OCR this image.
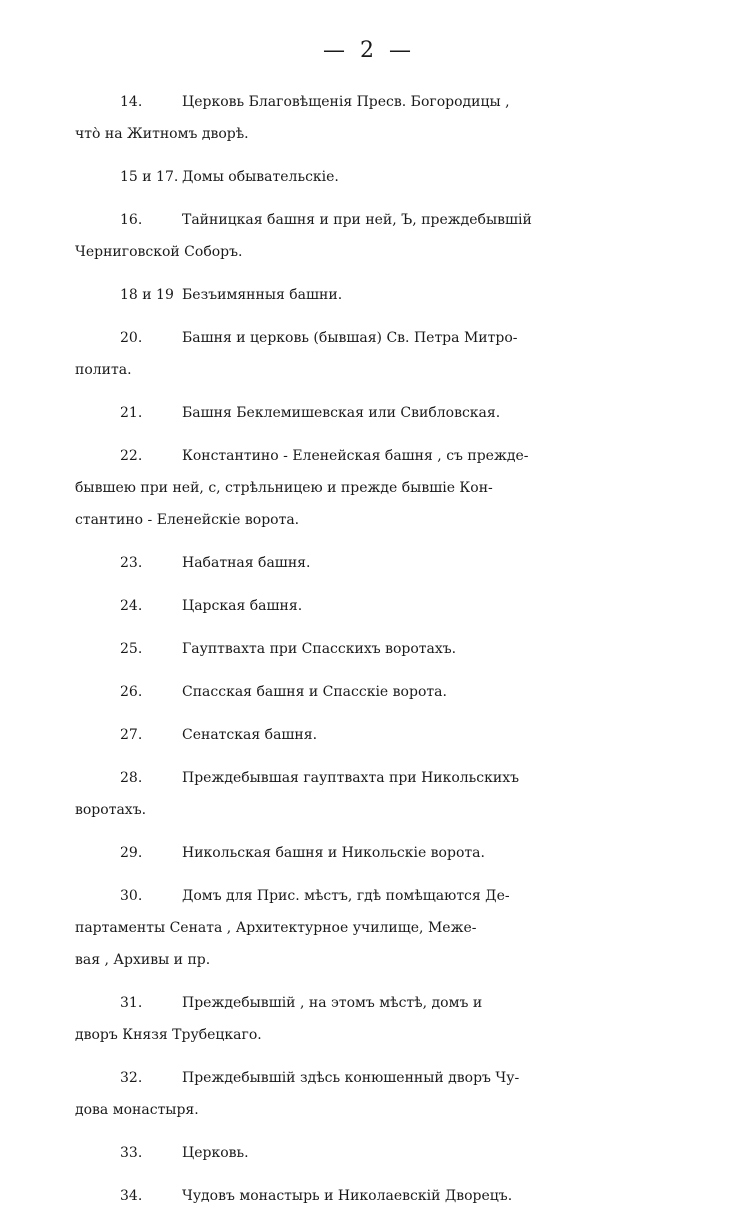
— 2 —
14.	Церковь Благовѣщенія Пресв. Богородицы ,
что̀ на Житномъ дворѣ.
15 и 17. Домы обывательскіе.
16.	Тайницкая башня и при ней, Ъ, преждебывшій
Черниговской Соборъ.
18 и 19 Безъимянныя башни.
20.	Башня и церковь (бывшая) Св. Петра Митро-
полита.
21.	Башня Беклемишевская или Свибловская.
22.	Константино - Еленейская башня , съ прежде-
бывшею при ней, с, стрѣльницею и прежде бывшіе Кон-
стантино - Еленейскіе ворота.
23.	Набатная башня.
24.	Царская башня.
25.	Гауптвахта при Спасскихъ воротахъ.
26.	Спасская башня и Спасскіе ворота.
27.	Сенатская башня.
28.	Преждебывшая гауптвахта при Никольскихъ
воротахъ.
29.	Никольская башня и Никольскіе ворота.
30.	Домъ для Прис. мѣстъ, гдѣ помѣщаются Де-
партаменты Сената , Архитектурное училище, Меже-
вая , Архивы и пр.
31.	Преждебывшій , на этомъ мѣстѣ, домъ и
дворъ Князя Трубецкаго.
32.	Преждебывшій здѣсь конюшенный дворъ Чу-
дова монастыря.
33.	Церковь.
34.	Чудовъ монастырь и Николаевскій Дворецъ.
